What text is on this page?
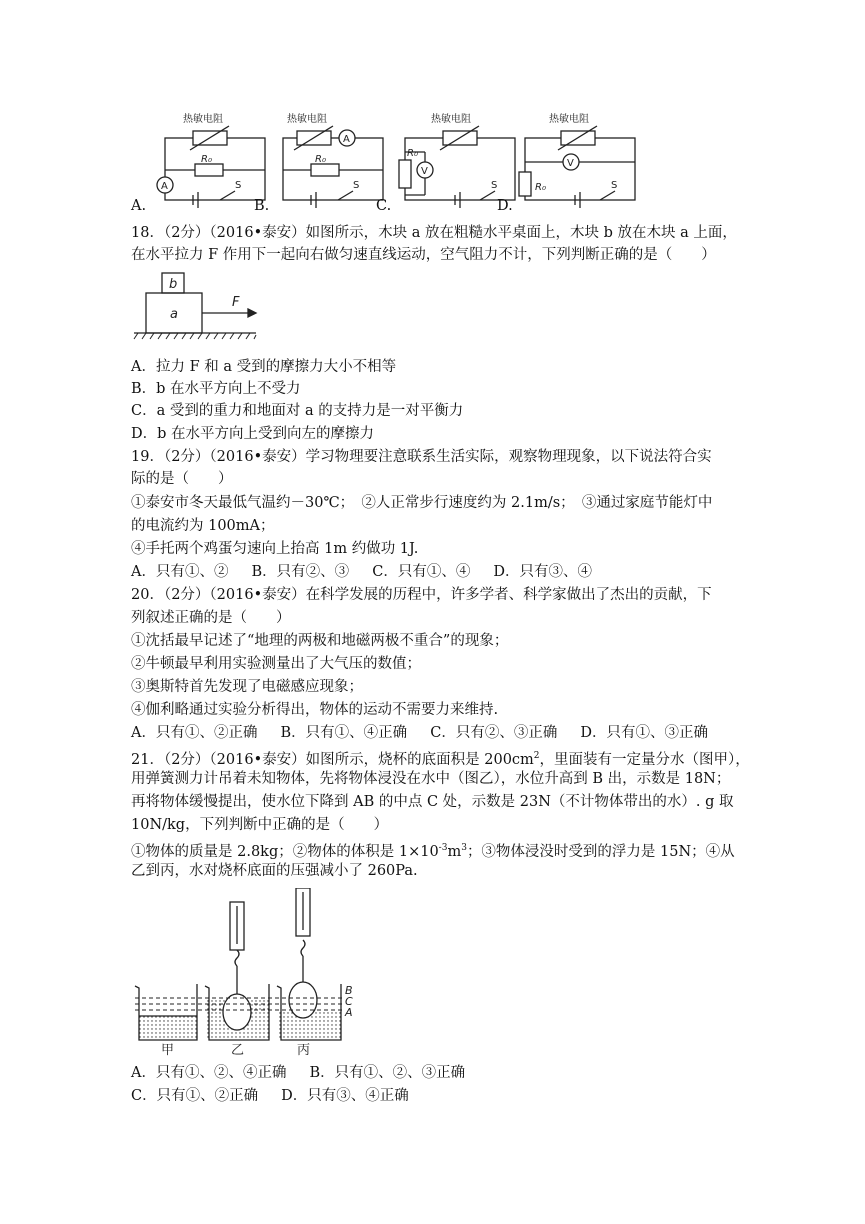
热敏电阻
R₀
S
A
热敏电阻
R₀
S
A
热敏电阻
R₀
S
V
热敏电阻
R₀	S
V
A.	B.	C.	D.
18．（2分）（2016•泰安）如图所示，木块 a 放在粗糙水平桌面上，木块 b 放在木块 a 上面，
在水平拉力 F 作用下一起向右做匀速直线运动，空气阻力不计，下列判断正确的是（　　）
b
a
F
A．拉力 F 和 a 受到的摩擦力大小不相等
B．b 在水平方向上不受力
C．a 受到的重力和地面对 a 的支持力是一对平衡力
D．b 在水平方向上受到向左的摩擦力
19．（2分）（2016•泰安）学习物理要注意联系生活实际，观察物理现象，以下说法符合实
际的是（　　）
①泰安市冬天最低气温约－30℃；　②人正常步行速度约为 2.1m/s；　③通过家庭节能灯中
的电流约为 100mA；
④手托两个鸡蛋匀速向上抬高 1m 约做功 1J.
A．只有①、② B．只有②、③ C．只有①、④ D．只有③、④
20．（2分）（2016•泰安）在科学发展的历程中，许多学者、科学家做出了杰出的贡献，下
列叙述正确的是（　　）
①沈括最早记述了“地理的两极和地磁两极不重合”的现象；
②牛顿最早利用实验测量出了大气压的数值；
③奥斯特首先发现了电磁感应现象；
④伽利略通过实验分析得出，物体的运动不需要力来维持.
A．只有①、②正确 B．只有①、④正确 C．只有②、③正确 D．只有①、③正确
21．（2分）（2016•泰安）如图所示，烧杯的底面积是 $200cm^2$，里面装有一定量分水（图甲），
用弹簧测力计吊着未知物体，先将物体浸没在水中（图乙），水位升高到 B 出，示数是 18N；
再将物体缓慢提出，使水位下降到 AB 的中点 C 处，示数是 23N（不计物体带出的水）. g 取
10N/kg，下列判断中正确的是（　　）
①物体的质量是 2.8kg；②物体的体积是 $1\times 10^{-3}m^3$；③物体浸没时受到的浮力是 15N；④从
乙到丙，水对烧杯底面的压强减小了 260Pa.
B
C
A
甲	乙	丙
A．只有①、②、④正确 B．只有①、②、③正确
C．只有①、②正确 D．只有③、④正确
